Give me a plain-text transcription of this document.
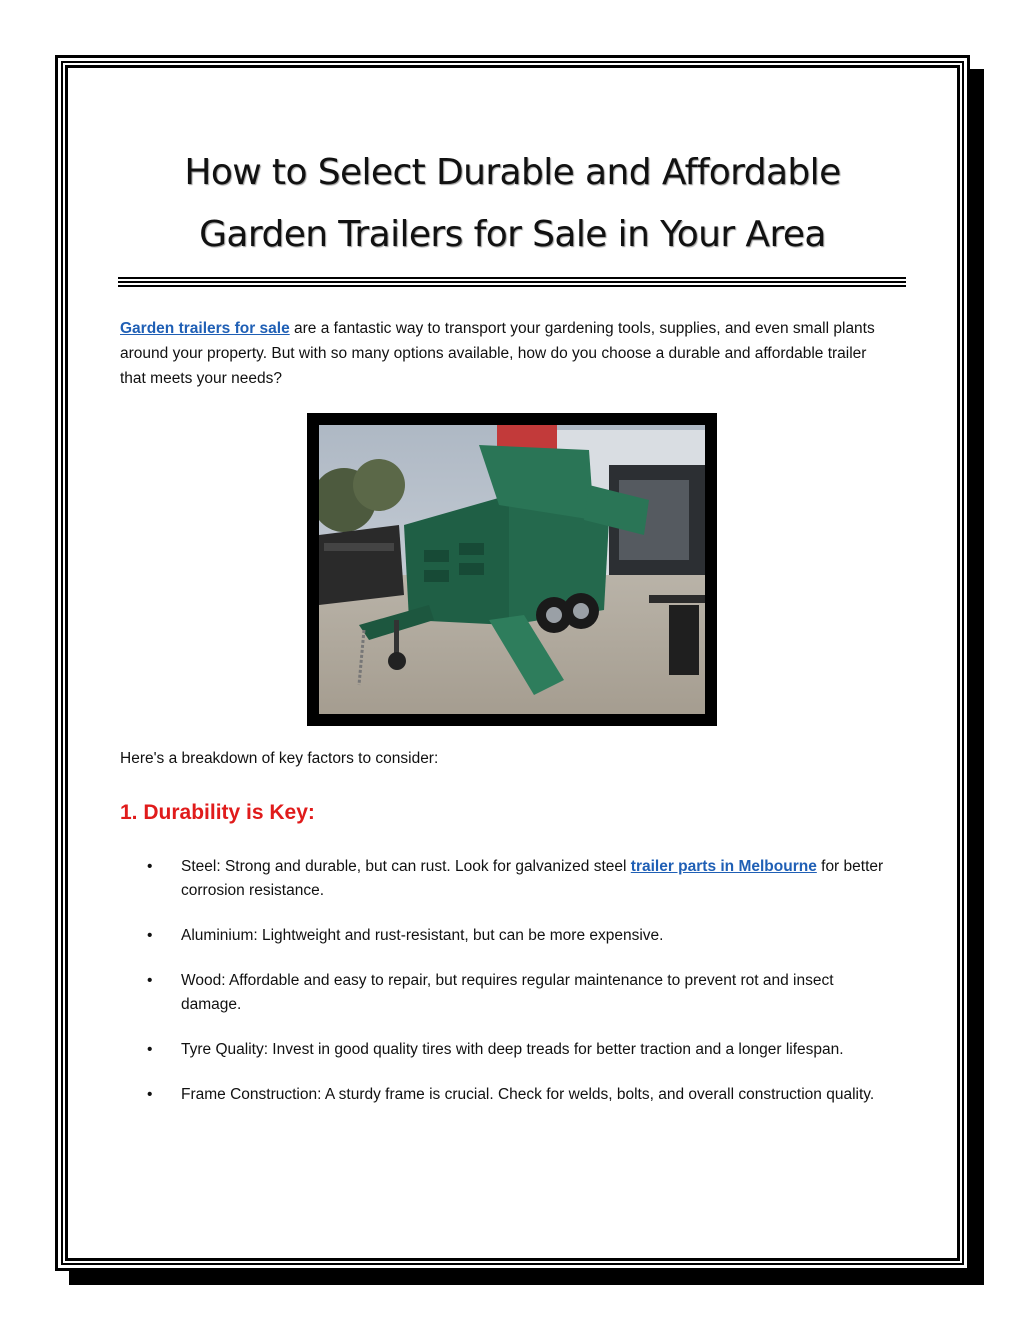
How to Select Durable and Affordable
Garden Trailers for Sale in Your Area

Garden trailers for sale are a fantastic way to transport your gardening tools, supplies, and even small plants around your property. But with so many options available, how do you choose a durable and affordable trailer that meets your needs?

Here's a breakdown of key factors to consider:
1. Durability is Key:
• Steel: Strong and durable, but can rust. Look for galvanized steel trailer parts in Melbourne for better corrosion resistance.
• Aluminium: Lightweight and rust-resistant, but can be more expensive.
• Wood: Affordable and easy to repair, but requires regular maintenance to prevent rot and insect damage.
• Tyre Quality: Invest in good quality tires with deep treads for better traction and a longer lifespan.
• Frame Construction: A sturdy frame is crucial. Check for welds, bolts, and overall construction quality.
